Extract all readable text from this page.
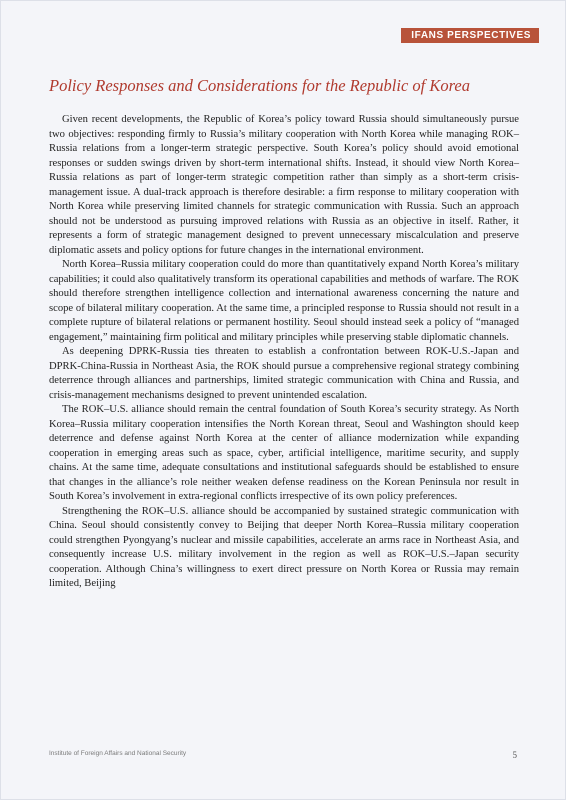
IFANS PERSPECTIVES
Policy Responses and Considerations for the Republic of Korea

Given recent developments, the Republic of Korea’s policy toward Russia should simultaneously pursue two objectives: responding firmly to Russia’s military cooperation with North Korea while managing ROK–Russia relations from a longer-term strategic perspective. South Korea’s policy should avoid emotional responses or sudden swings driven by short-term international shifts. Instead, it should view North Korea–Russia relations as part of longer-term strategic competition rather than simply as a short-term crisis-management issue. A dual-track approach is therefore desirable: a firm response to military cooperation with North Korea while preserving limited channels for strategic communication with Russia. Such an approach should not be understood as pursuing improved relations with Russia as an objective in itself. Rather, it represents a form of strategic management designed to prevent unnecessary miscalculation and preserve diplomatic assets and policy options for future changes in the international environment.

North Korea–Russia military cooperation could do more than quantitatively expand North Korea’s military capabilities; it could also qualitatively transform its operational capabilities and methods of warfare. The ROK should therefore strengthen intelligence collection and international awareness concerning the nature and scope of bilateral military cooperation. At the same time, a principled response to Russia should not result in a complete rupture of bilateral relations or permanent hostility. Seoul should instead seek a policy of “managed engagement,” maintaining firm political and military principles while preserving stable diplomatic channels.

As deepening DPRK-Russia ties threaten to establish a confrontation between ROK-U.S.-Japan and DPRK-China-Russia in Northeast Asia, the ROK should pursue a comprehensive regional strategy combining deterrence through alliances and partnerships, limited strategic communication with China and Russia, and crisis-management mechanisms designed to prevent unintended escalation.

The ROK–U.S. alliance should remain the central foundation of South Korea’s security strategy. As North Korea–Russia military cooperation intensifies the North Korean threat, Seoul and Washington should keep deterrence and defense against North Korea at the center of alliance modernization while expanding cooperation in emerging areas such as space, cyber, artificial intelligence, maritime security, and supply chains. At the same time, adequate consultations and institutional safeguards should be established to ensure that changes in the alliance’s role neither weaken defense readiness on the Korean Peninsula nor result in South Korea’s involvement in extra-regional conflicts irrespective of its own policy preferences.

Strengthening the ROK–U.S. alliance should be accompanied by sustained strategic communication with China. Seoul should consistently convey to Beijing that deeper North Korea–Russia military cooperation could strengthen Pyongyang’s nuclear and missile capabilities, accelerate an arms race in Northeast Asia, and consequently increase U.S. military involvement in the region as well as ROK–U.S.–Japan security cooperation. Although China’s willingness to exert direct pressure on North Korea or Russia may remain limited, Beijing

Institute of Foreign Affairs and National Security	5
